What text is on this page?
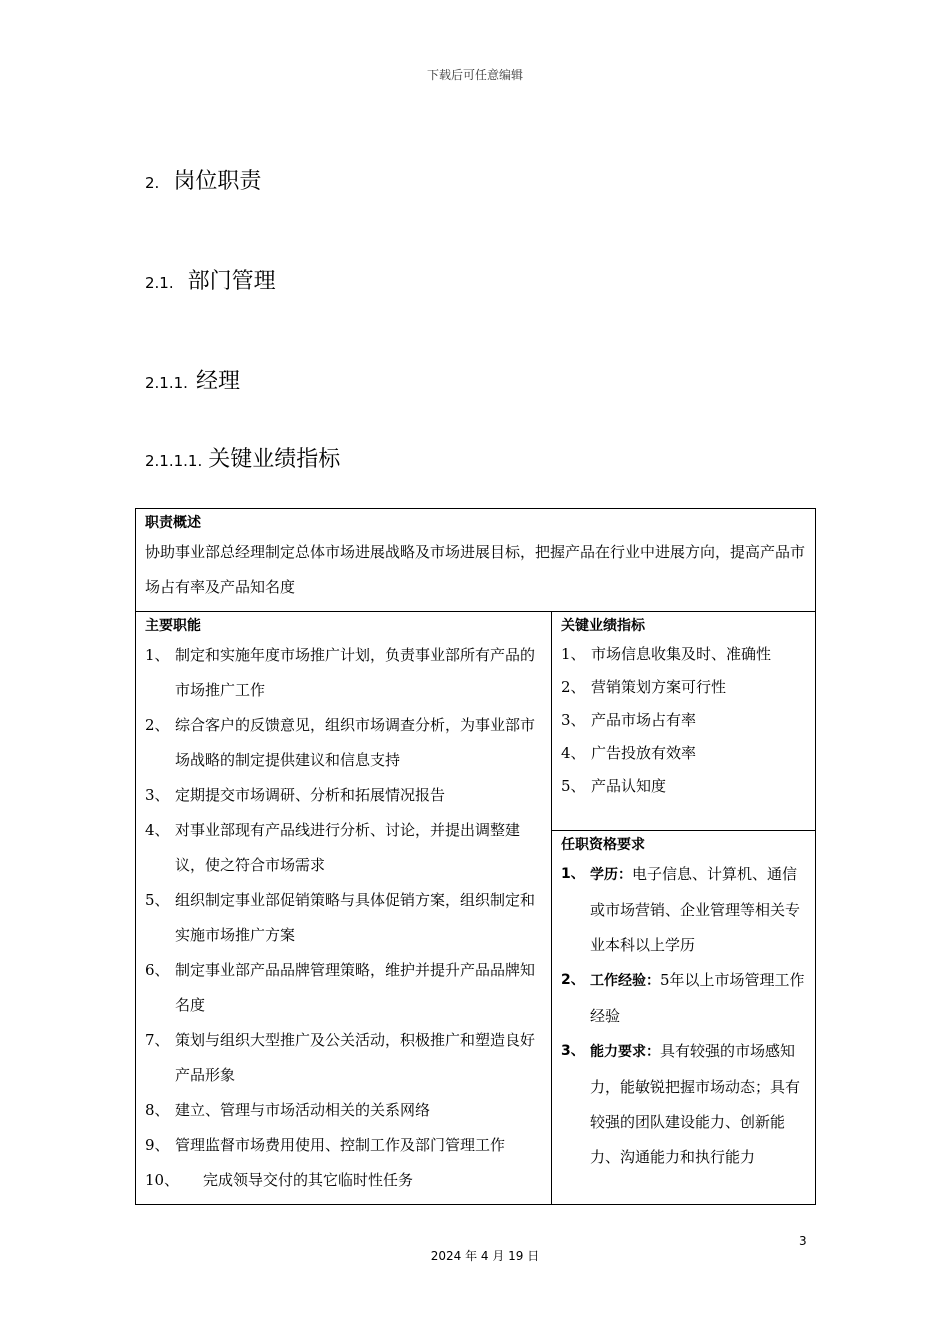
下载后可任意编辑
2. 岗位职责
2.1. 部门管理
2.1.1. 经理
2.1.1.1. 关键业绩指标
职责概述
协助事业部总经理制定总体市场进展战略及市场进展目标，把握产品在行业中进展方向，提高产品市场占有率及产品知名度

主要职能
1、 制定和实施年度市场推广计划，负责事业部所有产品的市场推广工作
2、 综合客户的反馈意见，组织市场调查分析，为事业部市场战略的制定提供建议和信息支持
3、 定期提交市场调研、分析和拓展情况报告
4、 对事业部现有产品线进行分析、讨论，并提出调整建议，使之符合市场需求
5、 组织制定事业部促销策略与具体促销方案，组织制定和实施市场推广方案
6、 制定事业部产品品牌管理策略，维护并提升产品品牌知名度
7、 策划与组织大型推广及公关活动，积极推广和塑造良好产品形象
8、 建立、管理与市场活动相关的关系网络
9、 管理监督市场费用使用、控制工作及部门管理工作
10、	完成领导交付的其它临时性任务

关键业绩指标
1、 市场信息收集及时、准确性
2、 营销策划方案可行性
3、 产品市场占有率
4、 广告投放有效率
5、 产品认知度

任职资格要求
1、 学历：电子信息、计算机、通信或市场营销、企业管理等相关专业本科以上学历
2、 工作经验：5年以上市场管理工作经验
3、 能力要求：具有较强的市场感知力，能敏锐把握市场动态；具有较强的团队建设能力、创新能力、沟通能力和执行能力
3
2024 年 4 月 19 日
